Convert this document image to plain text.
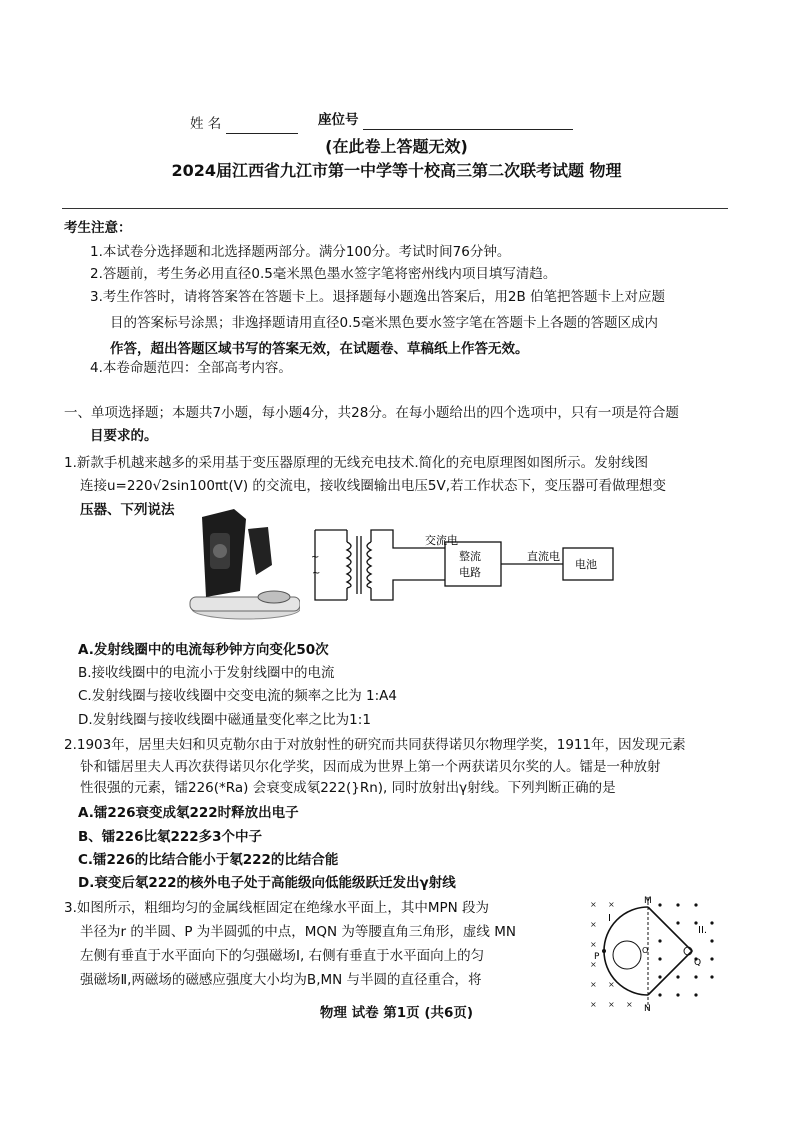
姓 名	座位号
(在此卷上答题无效)
2024届江西省九江市第一中学等十校高三第二次联考试题 物理
考生注意：
1.本试卷分选择题和北选择题两部分。满分100分。考试时间76分钟。
2.答题前，考生务必用直径0.5毫米黑色墨水签字笔将密州线内项目填写清趋。
3.考生作答时，请将答案答在答题卡上。退择题每小题逸出答案后，用2B 伯笔把答题卡上对应题
目的答案标号涂黑；非逸择题请用直径0.5毫米黑色要水签字笔在答题卡上各题的答题区成内
作答，超出答题区域书写的答案无效，在试题卷、草稿纸上作答无效。
4.本卷命题范四：全部高考内容。
一、单项选择题；本题共7小题，每小题4分，共28分。在每小题给出的四个选项中，只有一项是符合题
目要求的。
1.新款手机越来越多的采用基于变压器原理的无线充电技术.简化的充电原理图如图所示。发射线图
连接u=220√2sin100πt(V) 的交流电，接收线圈输出电压5V,若工作状态下，变压器可看做理想变
压器、下列说法
~
~
交流电
整流
电路
直流电
电池
A.发射线圈中的电流每秒钟方向变化50次
B.接收线圈中的电流小于发射线圈中的电流
C.发射线圈与接收线圈中交变电流的频率之比为 1:A4
D.发射线圈与接收线圈中磁通量变化率之比为1:1
2.1903年，居里夫妇和贝克勒尔由于对放射性的研究而共同获得诺贝尔物理学奖，1911年，因发现元素
钋和镭居里夫人再次获得诺贝尔化学奖，因而成为世界上第一个两获诺贝尔奖的人。镭是一种放射
性很强的元素，镭226(*Ra) 会衰变成氡222(}Rn), 同时放射出γ射线。下列判断正确的是
A.镭226衰变成氡222时释放出电子
B、镭226比氡222多3个中子
C.镭226的比结合能小于氡222的比结合能
D.衰变后氡222的核外电子处于高能级向低能级跃迁发出γ射线
3.如图所示，粗细均匀的金属线框固定在绝缘水平面上，其中MPN 段为
半径为r 的半圆、P 为半圆弧的中点，MQN 为等腰直角三角形，虚线 MN
左侧有垂直于水平面向下的匀强磁场I, 右侧有垂直于水平面向上的匀
强磁场Ⅱ,两磁场的磁感应强度大小均为B,MN 与半圆的直径重合，将
×
×
×
×
×
×
×
×
× ×
M
N
P
Q
I
II.
O
物理 试卷 第1页 (共6页)
